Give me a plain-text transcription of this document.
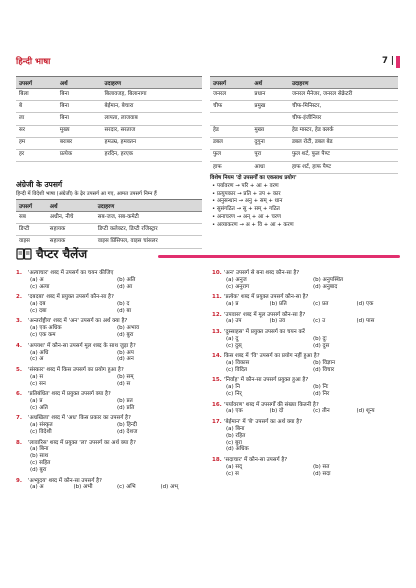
हिन्दी भाषा	7 |
उपसर्ग	अर्थ	उदाहरण
बिला	बिना	बिलावजह, बिलानागा
बे	बिना	बेईमान, बेचारा
ला	बिना	लापता, लाजवाब
सर	मुख्य	सरदार, सरताज
हम	बराबर	हमउम्र, हमवतन
हर	प्रत्येक	हरदिन, हरएक
उपसर्ग	अर्थ	उदाहरण
जनरल	प्रधान	जनरल मैनेजर, जनरल सेक्रेटरी
चीफ	प्रमुख	चीफ-मिनिस्टर,
		चीफ-इंजीनियर
हेड	मुख्य	हेड मास्टर, हेड क्लर्क
डबल	दुगुना	डबल रोटी, डबल बेड
फुल	पूरा	फुल शर्ट, फुल पैण्ट
हाफ	आधा	हाफ शर्ट, हाफ पैण्ट
अंग्रेजी के उपसर्ग
हिन्दी में विदेशी भाषा (अंग्रेजी) के ढ़ेर उपसर्ग आ गए, आमत उपसर्ग निम्न हैं
उपसर्ग	अर्थ	उदाहरण
सब	अधीन, नीचे	सब-जज, सब-कमेटी
डिप्टी	सहायक	डिप्टी कलेक्टर, डिप्टी रजिस्ट्रार
वाइस	सहायक	वाइस प्रिंसिपल, वाइस चांसलर
विशेष नियम 'दो उपसर्गों का एकसाथ प्रयोग'
• पर्यावरण → परि + आ + वरण
• प्रत्युपकार → प्रति + उप + कार
• अनुसन्धान → अनु + सम् + धान
• सुसंगठित → सु + सम् + गठित
• अनाचरण → अन् + आ + चरण
• अव्याकरण → अ + वि + आ + करण
चैप्टर चैलेंज
1.	'अत्याचार' शब्द में उपसर्ग का चयन कीजिए
(a) अ	(b) अति
(c) अत्या	(d) आ
2.	'दबदबा' शब्द में प्रयुक्त उपसर्ग कौन-सा है?
(a) दब	(b) द
(c) दबा	(d) बा
3.	'अन्तर्राष्ट्रीय' शब्द में 'अन' उपसर्ग का अर्थ क्या है?
(a) एक अधिक	(b) अभाव
(c) एक कम	(d) बुरा
4.	'अपयश' में कौन-सा उपसर्ग मूल शब्द के साथ जुड़ा है?
(a) अधि	(b) अप
(c) अ	(d) अन
5.	'संस्कार' शब्द में किस उपसर्ग का प्रयोग हुआ है?
(a) स	(b) सम्
(c) सन	(d) स
6.	'प्रतिबंधित' शब्द में प्रयुक्त उपसर्ग क्या है?
(a) प्र	(b) प्रत
(c) अति	(d) प्रति
7.	'अधखिला' शब्द में 'अध' किस प्रकार का उपसर्ग है?
(a) संस्कृत	(b) हिन्दी
(c) विदेशी	(d) देशज
8.	'लावारिस' शब्द में प्रयुक्त 'ला' उपसर्ग का अर्थ क्या है?
(a) बिना
(b) साथ
(c) सहित
(d) बुरा
9.	'अभ्युदय' शब्द में कौन-सा उपसर्ग है?
(a) अ	(b) अभी	(c) अभि	(d) अभ्
10. 'अन' उपसर्ग से बना शब्द कौन-सा है?
(a) अनुज	(b) अनुपस्थित
(c) अनुराग	(d) अनुबाद
11. 'प्रत्येक' शब्द में प्रयुक्त उपसर्ग कौन-सा है?
(a) प्र	(b) प्रति	(c) प्रत	(d) एक
12. 'उपवास' शब्द में मूल उपसर्ग कौन-सा है?
(a) उप	(b) उव	(c) उ	(d) पास
13. 'दुस्साहस' में प्रयुक्त उपसर्ग का चयन करें
(a) दु	(b) दुः
(c) दुस्	(d) दुस
14. किस शब्द में 'वि' उपसर्ग का प्रयोग नहीं हुआ है?
(a) विकास	(b) विज्ञान
(c) विदित	(d) विचार
15. 'निर्वाह' में कौन-सा उपसर्ग प्रयुक्त हुआ है?
(a) नि	(b) निः
(c) निर्	(d) निर
16. 'पर्यावरण' शब्द में उपसर्गों की संख्या कितनी है?
(a) एक	(b) दो	(c) तीन	(d) शून्य
17. 'बेईमान' में 'बे' उपसर्ग का अर्थ क्या है?
(a) बिना
(b) रहित
(c) बुरा
(d) अधिक
18. 'सदाचार' में कौन-सा उपसर्ग है?
(a) सद्	(b) सत
(c) स	(d) सदा
